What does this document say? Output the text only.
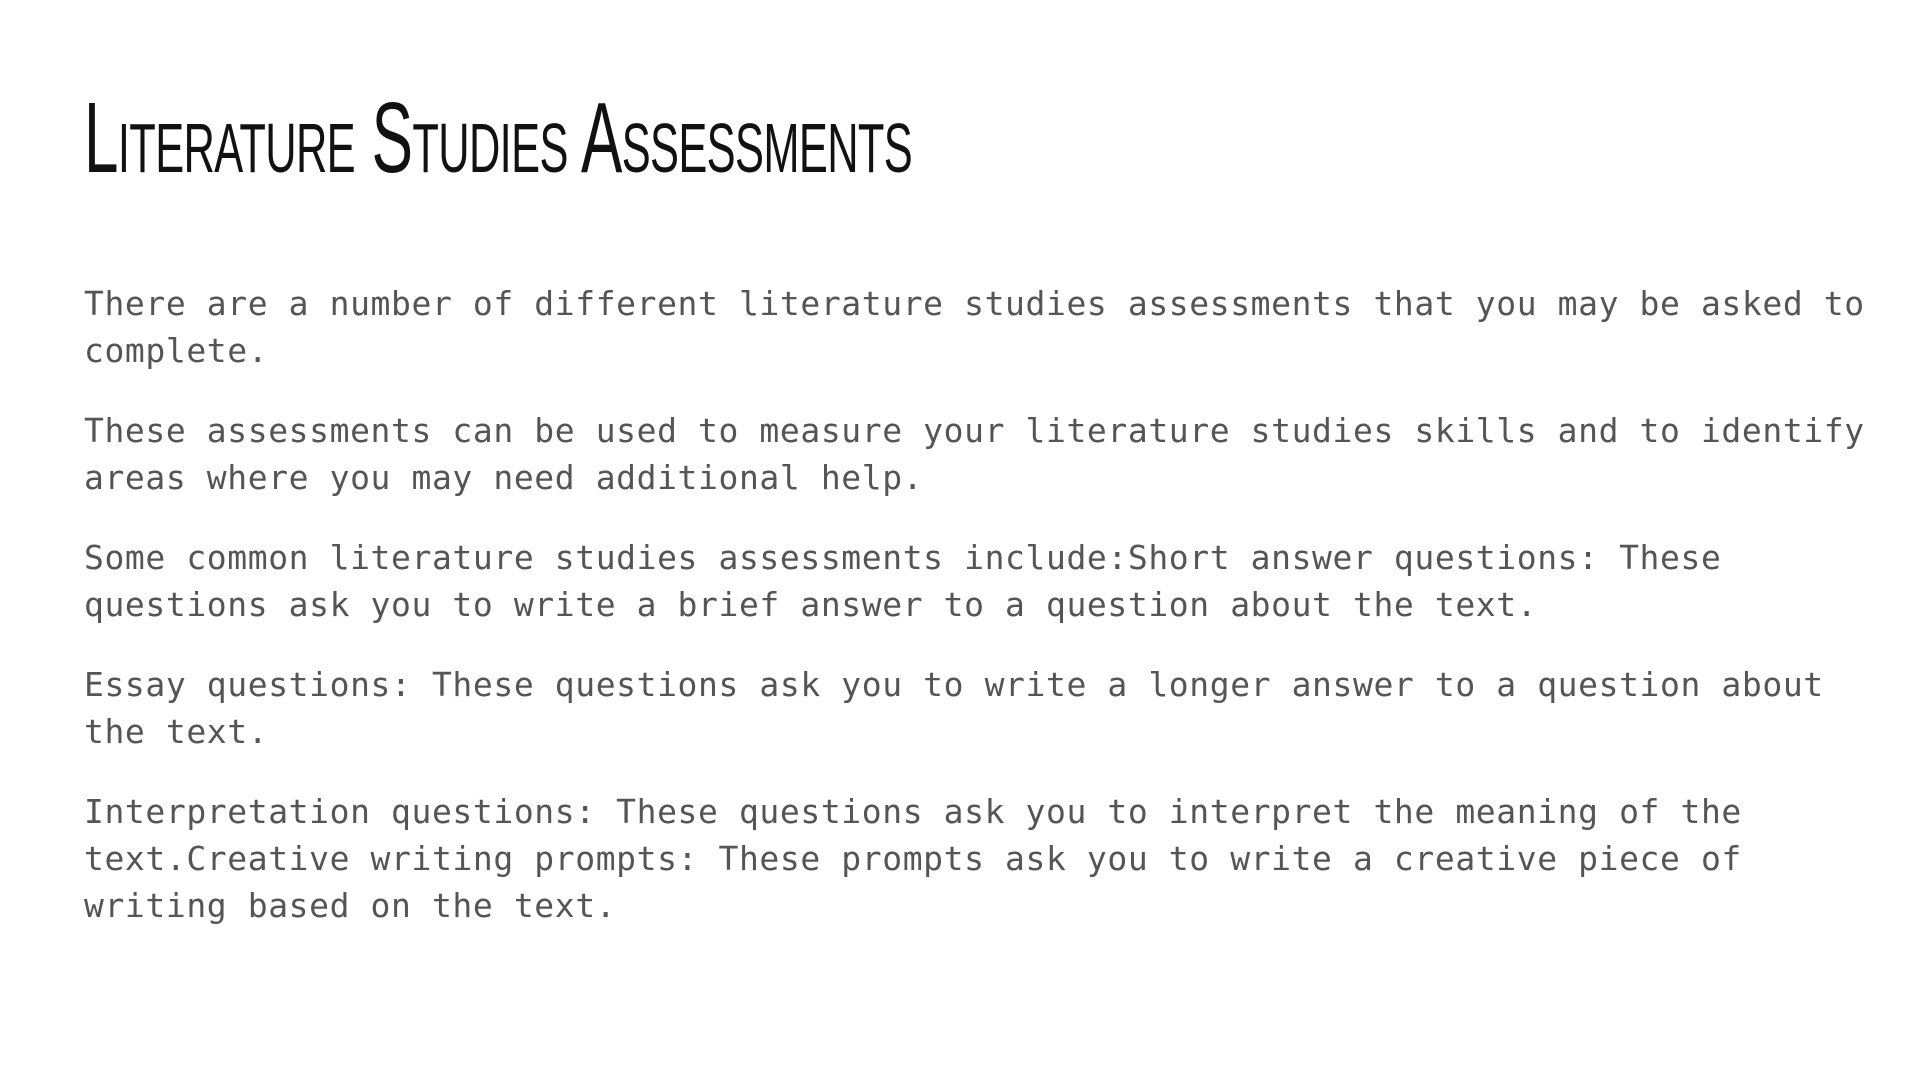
Literature Studies Assessments

There are a number of different literature studies assessments that you may be asked to complete.

These assessments can be used to measure your literature studies skills and to identify areas where you may need additional help.

Some common literature studies assessments include:Short answer questions: These questions ask you to write a brief answer to a question about the text.

Essay questions: These questions ask you to write a longer answer to a question about the text.

Interpretation questions: These questions ask you to interpret the meaning of the text.Creative writing prompts: These prompts ask you to write a creative piece of writing based on the text.
